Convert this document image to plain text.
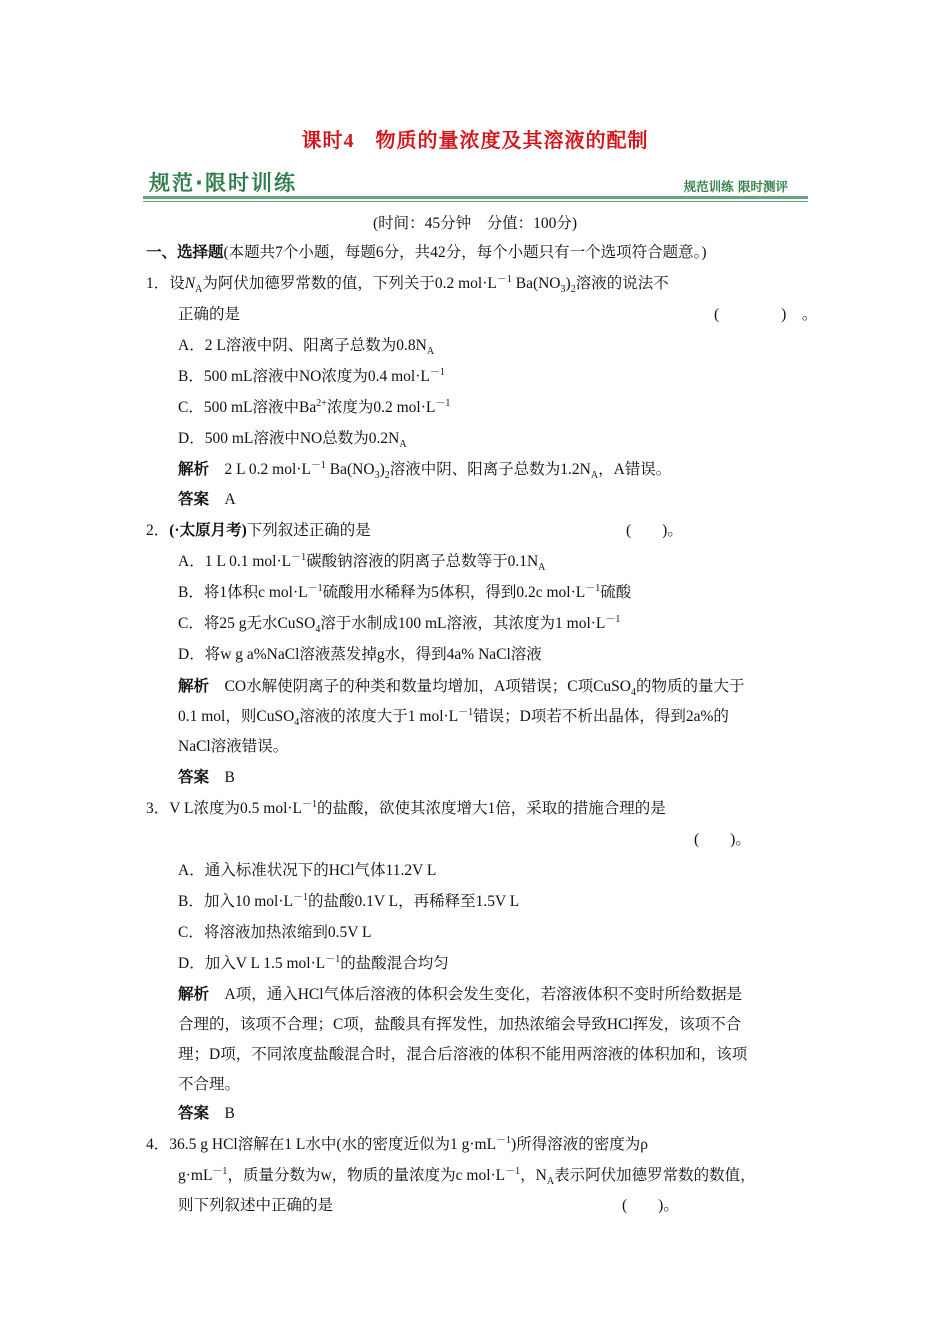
课时4　物质的量浓度及其溶液的配制
规范·限时训练	规范训练 限时测评
(时间：45分钟　分值：100分)
一、选择题(本题共7个小题，每题6分，共42分，每个小题只有一个选项符合题意。)
1．设$N_A$为阿伏加德罗常数的值，下列关于0.2 $mol\cdot L^{-1}$ $Ba(NO_3)_2$溶液的说法不
正确的是	(　　　　)　。
A．2 L溶液中阴、阳离子总数为$0.8N_A$
B．500 mL溶液中NO浓度为0.4 $mol\cdot L^{-1}$
C．500 mL溶液中$Ba^{2+}$浓度为0.2 $mol\cdot L^{-1}$
D．500 mL溶液中NO总数为$0.2N_A$
解析　 2 L 0.2 $mol\cdot L^{-1}$ $Ba(NO_3)_2$溶液中阴、阳离子总数为$1.2N_A$，A错误。
答案　 A
2．(·太原月考)下列叙述正确的是	(　　)。
A．1 L 0.1 $mol\cdot L^{-1}$碳酸钠溶液的阴离子总数等于$0.1N_A$
B．将1体积c $mol\cdot L^{-1}$硫酸用水稀释为5体积，得到0.2c $mol\cdot L^{-1}$硫酸
C．将25 g无水CuSO$_4$溶于水制成100 mL溶液，其浓度为1 $mol\cdot L^{-1}$
D．将w g a%NaCl溶液蒸发掉g水，得到4a% NaCl溶液
解析　 CO水解使阴离子的种类和数量均增加，A项错误；C项CuSO$_4$的物质的量大于
0.1 mol，则CuSO$_4$溶液的浓度大于1 $mol\cdot L^{-1}$错误；D项若不析出晶体，得到2a%的
NaCl溶液错误。
答案　 B
3．V L浓度为0.5 $mol\cdot L^{-1}$的盐酸，欲使其浓度增大1倍，采取的措施合理的是
(　　)。
A．通入标准状况下的HCl气体11.2V L
B．加入10 $mol\cdot L^{-1}$的盐酸0.1V L，再稀释至1.5V L
C．将溶液加热浓缩到0.5V L
D．加入V L 1.5 $mol\cdot L^{-1}$的盐酸混合均匀
解析　 A项，通入HCl气体后溶液的体积会发生变化，若溶液体积不变时所给数据是
合理的，该项不合理；C项，盐酸具有挥发性，加热浓缩会导致HCl挥发，该项不合
理；D项，不同浓度盐酸混合时，混合后溶液的体积不能用两溶液的体积加和，该项
不合理。
答案　 B
4．36.5 g HCl溶解在1 L水中(水的密度近似为1 $g\cdot mL^{-1}$)所得溶液的密度为ρ
$g\cdot mL^{-1}$，质量分数为w，物质的量浓度为c $mol\cdot L^{-1}$，$N_A$表示阿伏加德罗常数的数值，
则下列叙述中正确的是	(　　)。
